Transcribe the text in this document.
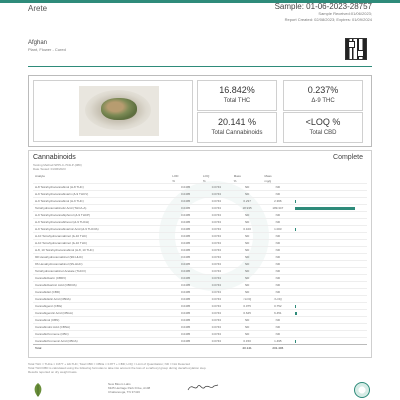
Arete	Sample: 01-06-2023-28757
Sample Received:01/06/2023;
Report Created: 02/08/2023; Expires: 01/09/2024
Afghan
Plant, Flower - Cured
16.842%
Total THC
0.237%
Δ-9 THC
20.141 %
Total Cannabinoids
<LOQ %
Total CBD
Cannabinoids	Complete
Testing Method:SPPLC-704LP-(080)
Date Tested: 01/06/2023
Analyte	LOD	LOQ	Mass	Mass	
	%	%	%	mg/g	
Δ-8 Tetrahydrocannabinol (Δ-8 THC)	0.0495	0.0743	ND	ND	
Δ-9 Tetrahydrocannabivarin (Δ-9 THCV)	0.0495	0.0743	ND	ND	
Δ-9 Tetrahydrocannabinol (Δ-9 THC)	0.0495	0.0743	0.237	2.366	
Tetrahydrocannabinolic Acid (THCA-A)	0.0495	0.0743	18.935	189.347	
Δ-9 Tetrahydrocannabiphorol (Δ-9 THCP)	0.0495	0.0743	ND	ND	
Δ-9 Tetrahydrocannabihexol (Δ-9 THCH)	0.0495	0.0743	ND	ND	
Δ-9 Tetrahydrocannabivarinic Acid (Δ-9 THCVA)	0.0495	0.0743	0.100	1.003	
Δ-10 Tetrahydrocannabinol (Δ-10 THC)	0.0495	0.0743	ND	ND	
Δ-10 Tetrahydrocannabinol (Δ-10 THC)	0.0495	0.0743	ND	ND	
Δ-8, 10 Tetrahydrocannabinol (Δ-8, 10 THC)	0.0495	0.0743	ND	ND	
9R Hexahydrocannabinol (9R-HHC)	0.0495	0.0743	ND	ND	
9S Hexahydrocannabinol (9S-HHC)	0.0495	0.0743	ND	ND	
Tetrahydrocannabinol Acetate (THCO)	0.0495	0.0743	ND	ND	
Cannabidivarin (CBDV)	0.0495	0.0743	ND	ND	
Cannabidivarinic Acid (CBDVA)	0.0495	0.0743	ND	ND	
Cannabidiol (CBD)	0.0495	0.0743	ND	ND	
Cannabidiolic Acid (CBDA)	0.0495	0.0743	<LOQ	<LOQ	
Cannabigerol (CBG)	0.0495	0.0743	0.075	0.752	
Cannabigerolic Acid (CBGA)	0.0495	0.0743	0.645	6.451	
Cannabinol (CBN)	0.0495	0.0743	ND	ND	
Cannabinolic Acid (CBNA)	0.0495	0.0743	ND	ND	
Cannabichromene (CBC)	0.0495	0.0743	ND	ND	
Cannabichromenic Acid (CBCA)	0.0495	0.0743	0.150	1.495	
Total			20.141	201.406	
Total THC = THCa × 0.877 + Δ9-THC; Total CBD = CBDa × 0.877 + CBD; LOQ = Limit of Quantitation; ND = Not Detected
Total THC/CBD is calculated using the following formulas to take into account the loss of a carboxyl group during decarboxylation step.
Results reported on dry weight basis.
New Bloom Labs
6325 Heritage Park Drive, A108
Chattanooga, TN 37416
